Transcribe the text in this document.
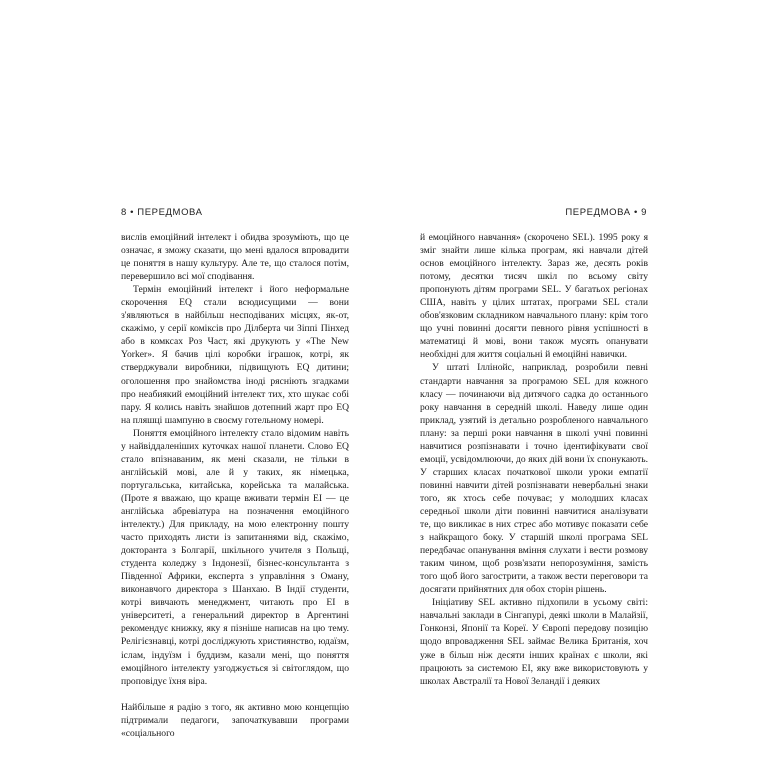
8 • ПЕРЕДМОВА

вислів емоційний інтелект і обидва зрозуміють, що це означає, я зможу сказати, що мені вдалося впровадити це поняття в нашу культуру. Але те, що сталося потім, перевершило всі мої сподівання.

Термін емоційний інтелект і його неформальне скорочення EQ стали всюдисущими — вони з'являються в найбільш несподіваних місцях, як-от, скажімо, у серії коміксів про Ділберта чи Зіппі Пінхед або в комксах Роз Част, які друкують у «The New Yorker». Я бачив цілі коробки іграшок, котрі, як стверджували виробники, підвищують EQ дитини; оголошення про знайомства іноді рясніють згадками про неабиякий емоційний інтелект тих, хто шукає собі пару. Я колись навіть знайшов дотепний жарт про EQ на пляшці шампуню в своєму готельному номері.

Поняття емоційного інтелекту стало відомим навіть у найвіддаленіших куточках нашої планети. Слово EQ стало впізнаваним, як мені сказали, не тільки в англійській мові, але й у таких, як німецька, португальська, китайська, корейська та малайська. (Проте я вважаю, що краще вживати термін EI — це англійська абревіатура на позначення емоційного інтелекту.) Для прикладу, на мою електронну пошту часто приходять листи із запитаннями від, скажімо, докторанта з Болгарії, шкільного учителя з Польщі, студента коледжу з Індонезії, бізнес-консультанта з Південної Африки, експерта з управління з Оману, виконавчого директора з Шанхаю. В Індії студенти, котрі вивчають менеджмент, читають про ЕІ в університеті, а генеральний директор в Аргентині рекомендує книжку, яку я пізніше написав на цю тему. Релігієзнавці, котрі досліджують християнство, юдаїзм, іслам, індуїзм і буддизм, казали мені, що поняття емоційного інтелекту узгоджується зі світоглядом, що проповідує їхня віра.

Найбільше я радію з того, як активно мою концепцію підтримали педагоги, започаткувавши програми «соціального

ПЕРЕДМОВА • 9

й емоційного навчання» (скорочено SEL). 1995 року я зміг знайти лише кілька програм, які навчали дітей основ емоційного інтелекту. Зараз же, десять років потому, десятки тисяч шкіл по всьому світу пропонують дітям програми SEL. У багатьох регіонах США, навіть у цілих штатах, програми SEL стали обов'язковим складником навчального плану: крім того що учні повинні досягти певного рівня успішності в математиці й мові, вони також мусять опанувати необхідні для життя соціальні й емоційні навички.

У штаті Іллінойс, наприклад, розробили певні стандарти навчання за програмою SEL для кожного класу — починаючи від дитячого садка до останнього року навчання в середній школі. Наведу лише один приклад, узятий із детально розробленого навчального плану: за перші роки навчання в школі учні повинні навчитися розпізнавати і точно ідентифікувати свої емоції, усвідомлюючи, до яких дій вони їх спонукають. У старших класах початкової школи уроки емпатії повинні навчити дітей розпізнавати невербальні знаки того, як хтось себе почуває; у молодших класах середньої школи діти повинні навчитися аналізувати те, що викликає в них стрес або мотивує показати себе з найкращого боку. У старшій школі програма SEL передбачає опанування вміння слухати і вести розмову таким чином, щоб розв'язати непорозуміння, замість того щоб його загострити, а також вести переговори та досягати прийнятних для обох сторін рішень.

Ініціативу SEL активно підхопили в усьому світі: навчальні заклади в Сінгапурі, деякі школи в Малайзії, Гонконзі, Японії та Кореї. У Європі передову позицію щодо впровадження SEL займає Велика Британія, хоч уже в більш ніж десяти інших країнах є школи, які працюють за системою ЕІ, яку вже використовують у школах Австралії та Нової Зеландії і деяких
